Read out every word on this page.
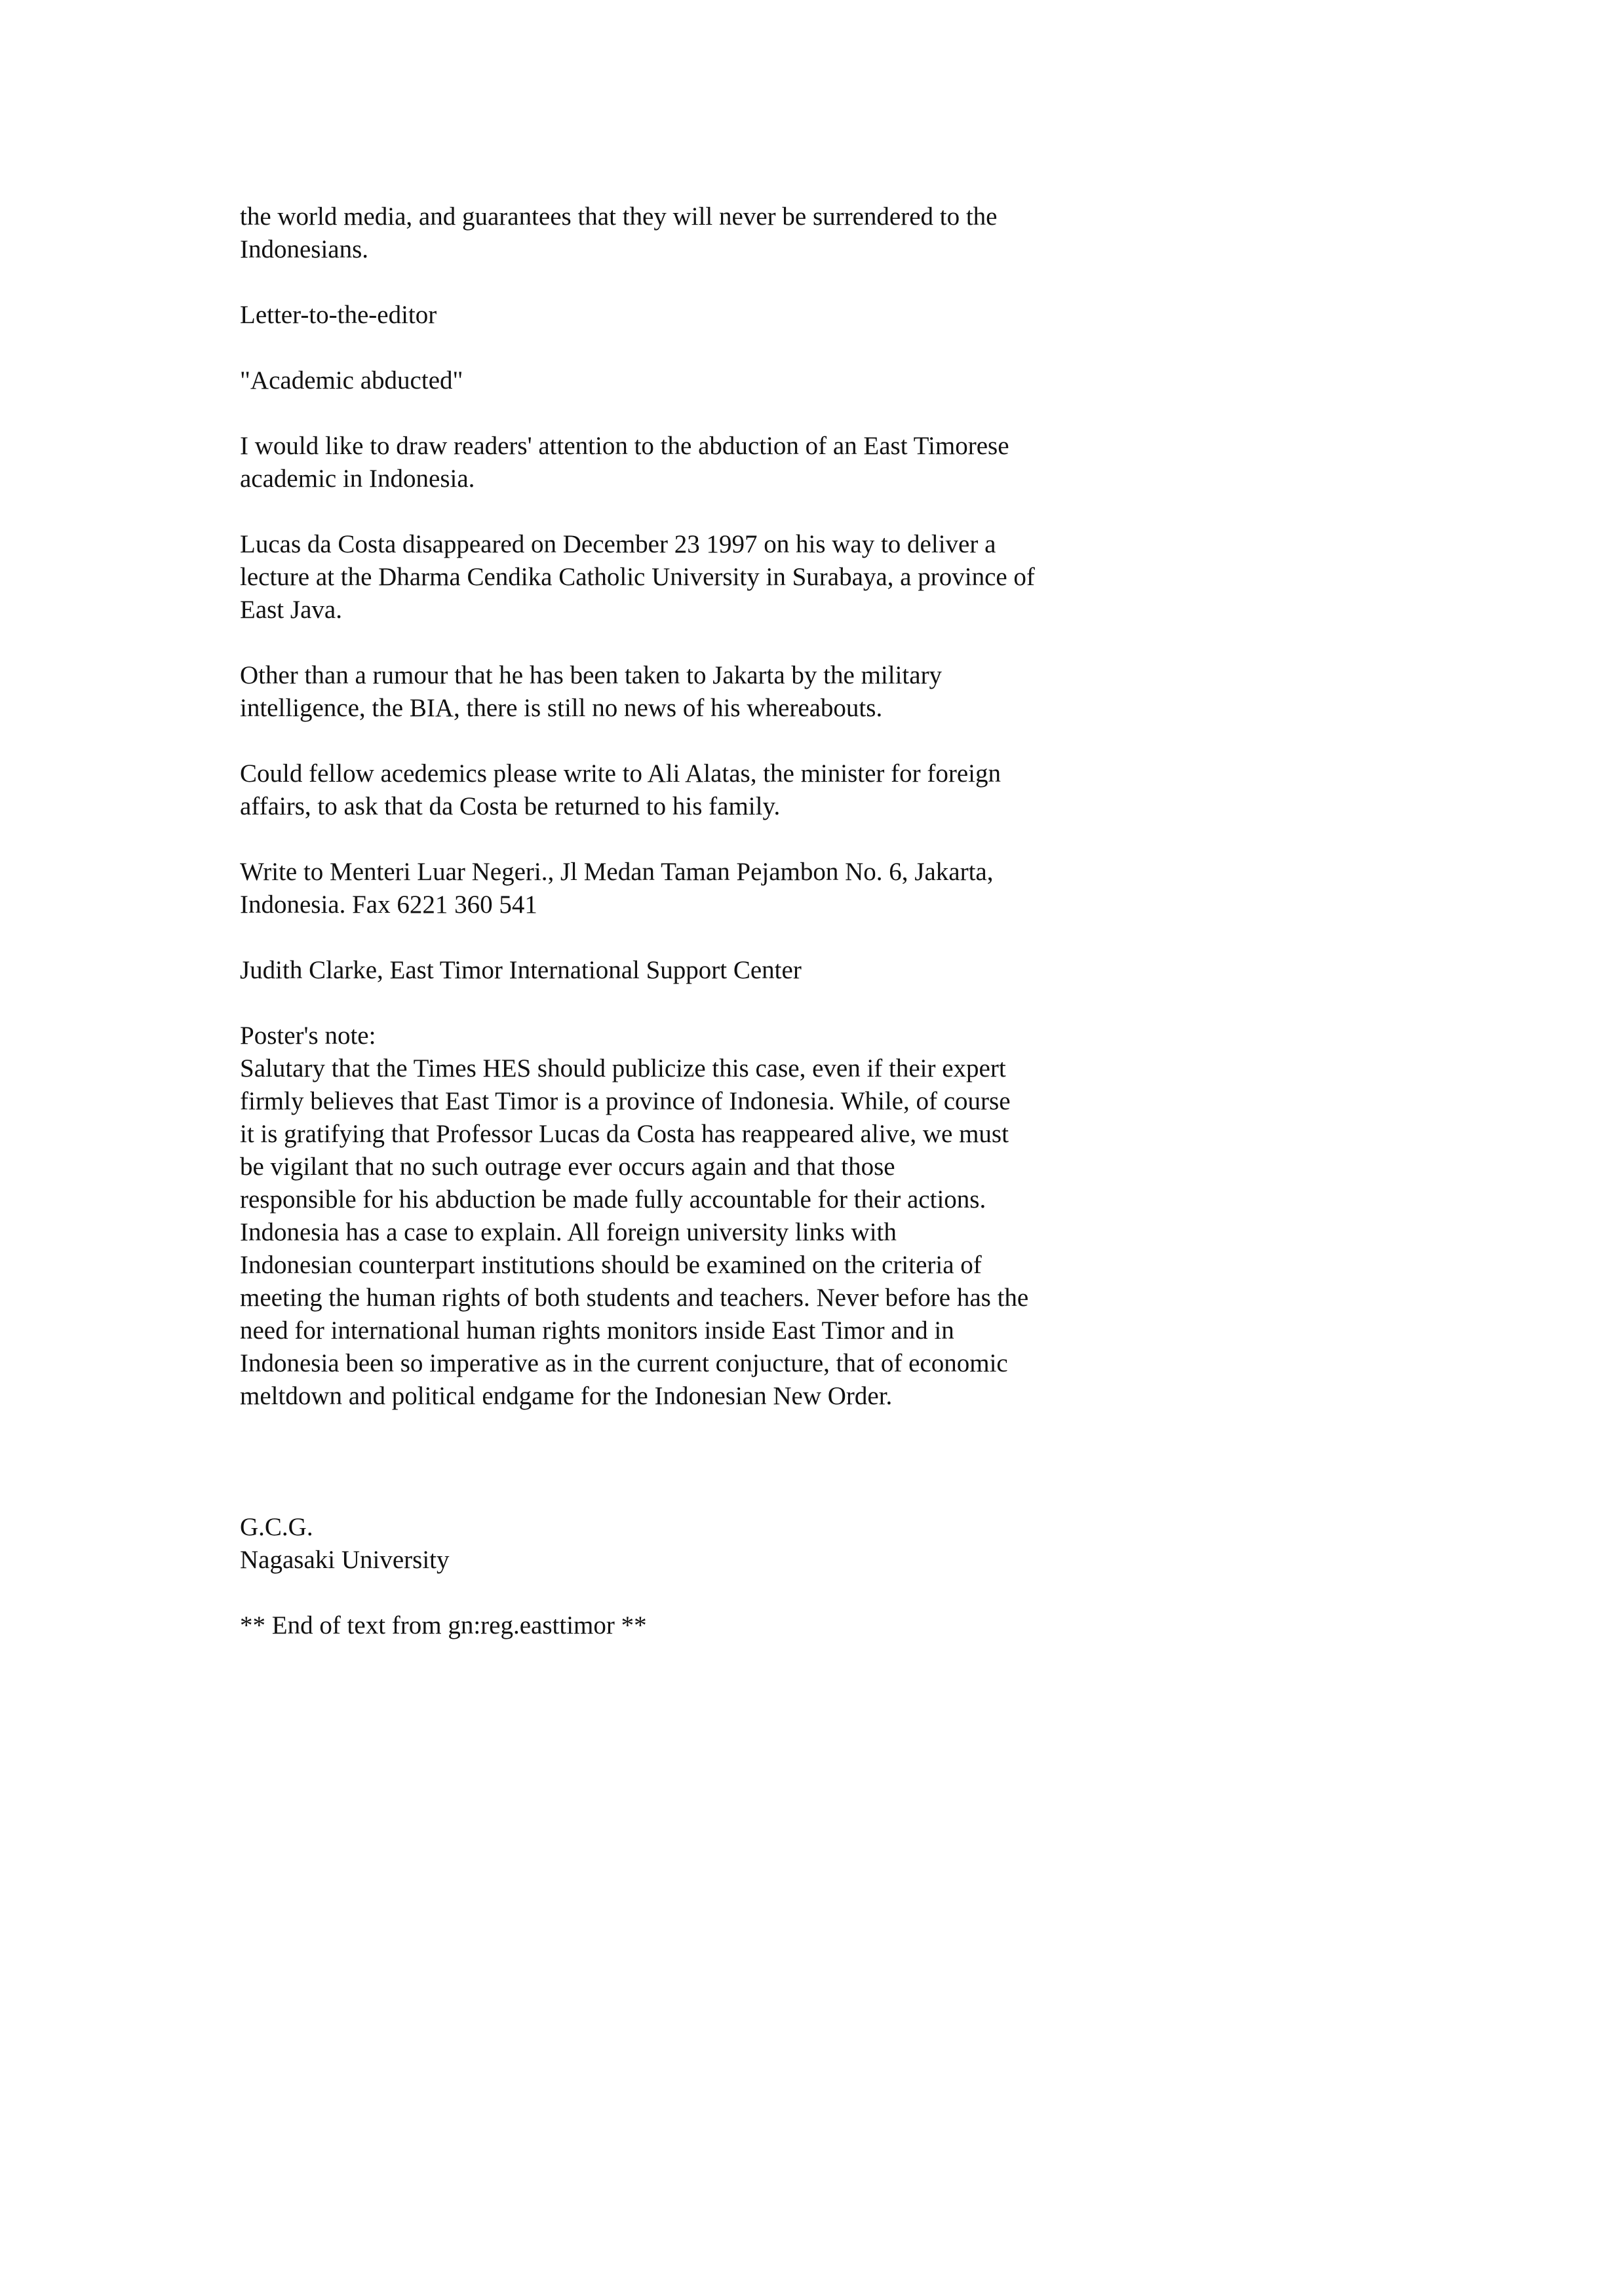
the world media, and guarantees that they will never be surrendered to the
Indonesians.

Letter-to-the-editor

"Academic abducted"

I would like to draw readers' attention to the abduction of an East Timorese
academic in Indonesia.

Lucas da Costa disappeared on December 23 1997 on his way to deliver a
lecture at the Dharma Cendika Catholic University in Surabaya, a province of
East Java.

Other than a rumour that he has been taken to Jakarta by the military
intelligence, the BIA, there is still no news of his whereabouts.

Could fellow acedemics please write to Ali Alatas, the minister for foreign
affairs, to ask that da Costa be returned to his family.

Write to Menteri Luar Negeri., Jl Medan Taman Pejambon No. 6, Jakarta,
Indonesia. Fax 6221 360 541

Judith Clarke, East Timor International Support Center

Poster's note:

Salutary that the Times HES should publicize this case, even if their expert
firmly believes that East Timor is a province of Indonesia. While, of course
it is gratifying that Professor Lucas da Costa has reappeared alive, we must
be vigilant that no such outrage ever occurs again and that those
responsible for his abduction be made fully accountable for their actions.
Indonesia has a case to explain. All foreign university links with
Indonesian counterpart institutions should be examined on the criteria of
meeting the human rights of both students and teachers. Never before has the
need for international human rights monitors inside East Timor and in
Indonesia been so imperative as in the current conjucture, that of economic
meltdown and political endgame for the Indonesian New Order.

G.C.G.

Nagasaki University

** End of text from gn:reg.easttimor **
